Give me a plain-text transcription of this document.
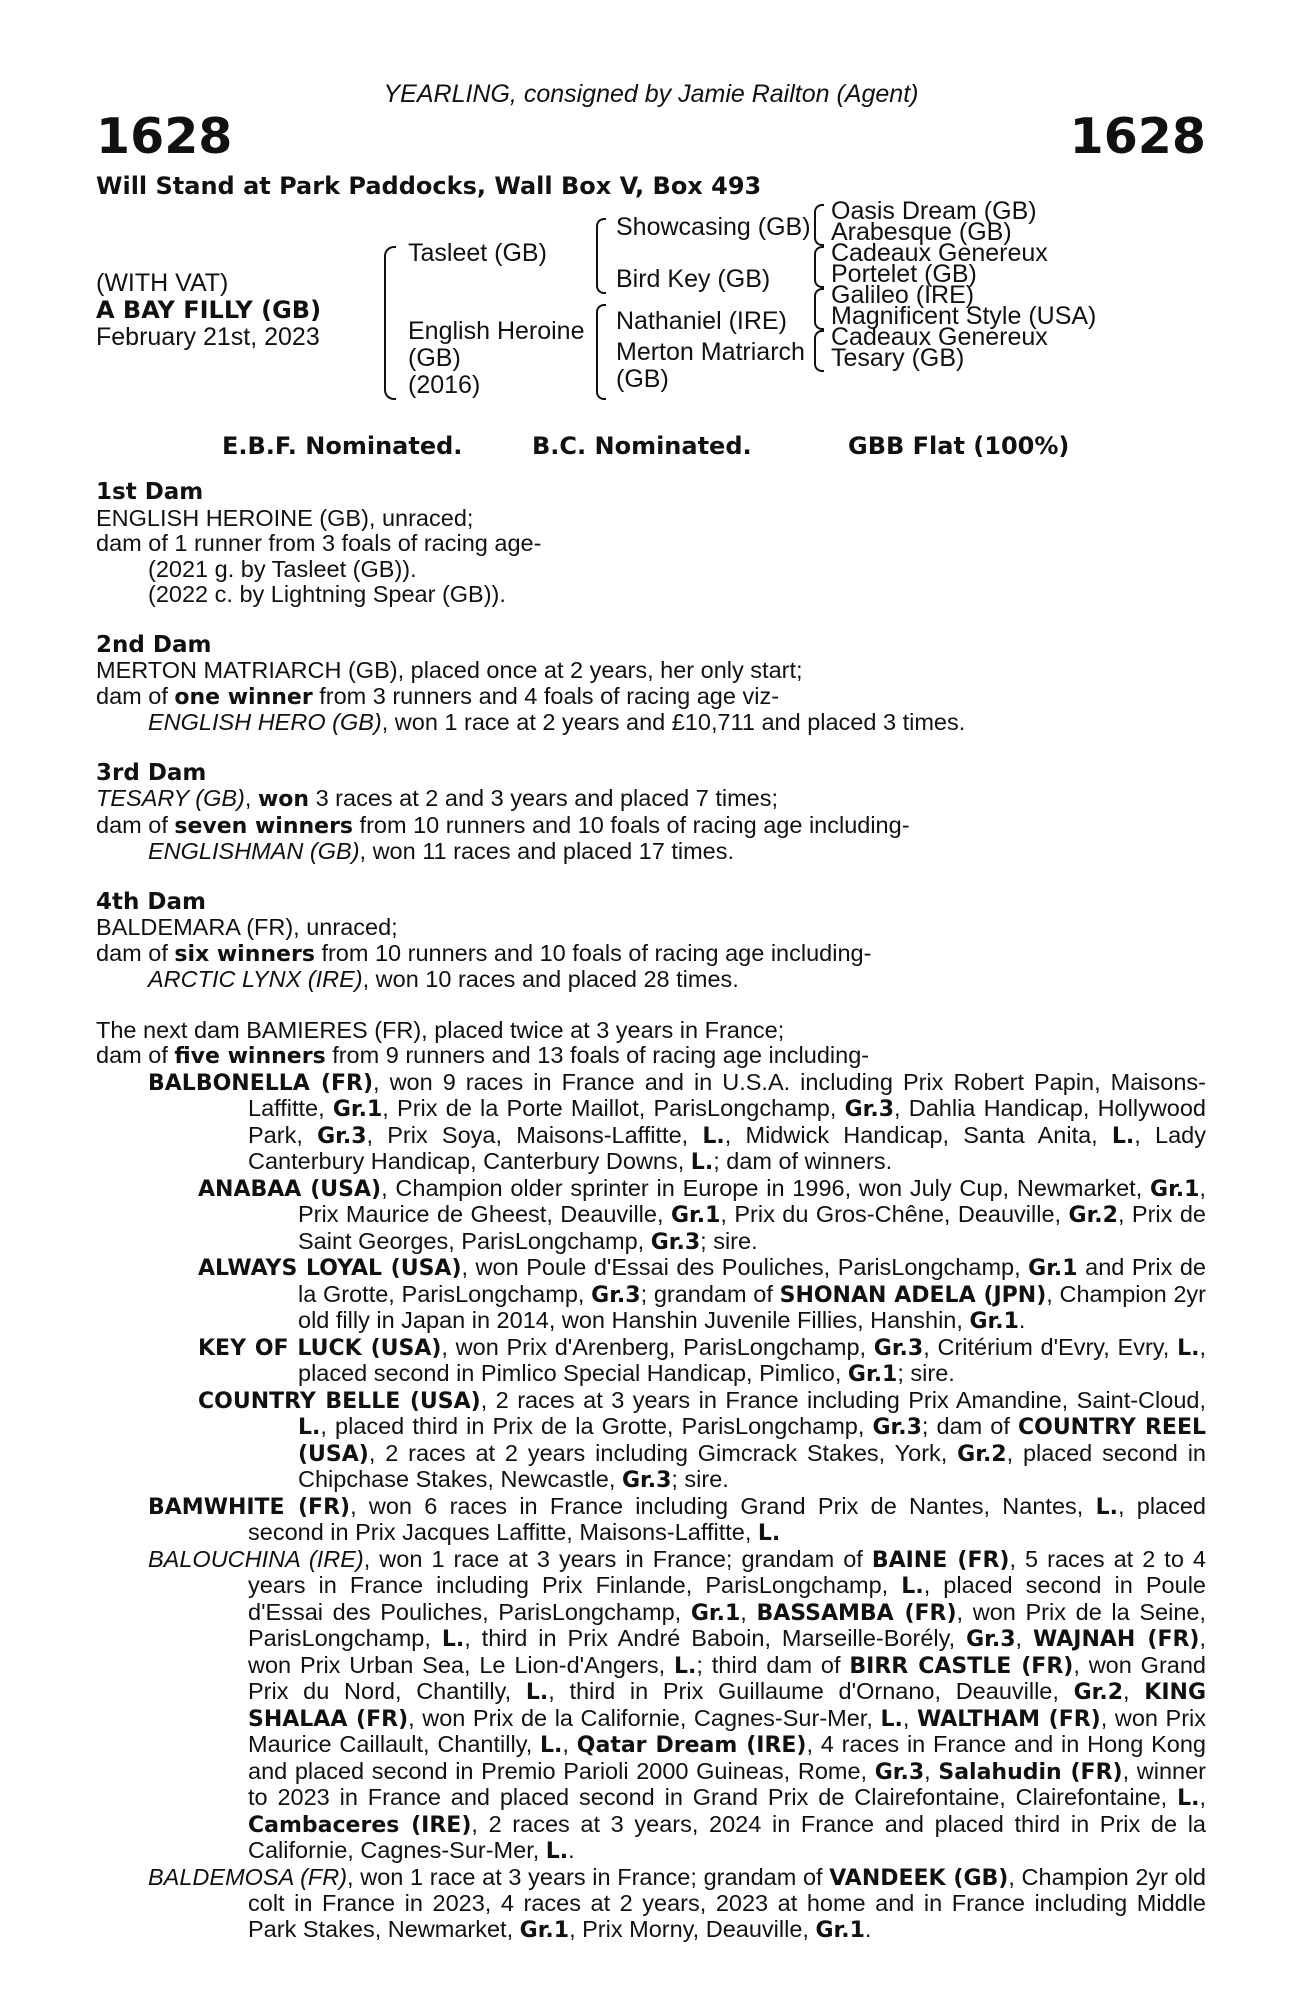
YEARLING, consigned by Jamie Railton (Agent)
1628	1628
Will Stand at Park Paddocks, Wall Box V, Box 493
(WITH VAT)
A BAY FILLY (GB)
February 21st, 2023
Tasleet (GB)
English Heroine
(GB)
(2016)
Showcasing (GB)
Bird Key (GB)
Nathaniel (IRE)
Merton Matriarch
(GB)
Oasis Dream (GB)
Arabesque (GB)
Cadeaux Genereux
Portelet (GB)
Galileo (IRE)
Magnificent Style (USA)
Cadeaux Genereux
Tesary (GB)
E.B.F. Nominated.	B.C. Nominated.	GBB Flat (100%)
1st Dam
ENGLISH HEROINE (GB), unraced;
dam of 1 runner from 3 foals of racing age-
(2021 g. by Tasleet (GB)).
(2022 c. by Lightning Spear (GB)).
2nd Dam
MERTON MATRIARCH (GB), placed once at 2 years, her only start;
dam of one winner from 3 runners and 4 foals of racing age viz-
ENGLISH HERO (GB), won 1 race at 2 years and £10,711 and placed 3 times.
3rd Dam
TESARY (GB), won 3 races at 2 and 3 years and placed 7 times;
dam of seven winners from 10 runners and 10 foals of racing age including-
ENGLISHMAN (GB), won 11 races and placed 17 times.
4th Dam
BALDEMARA (FR), unraced;
dam of six winners from 10 runners and 10 foals of racing age including-
ARCTIC LYNX (IRE), won 10 races and placed 28 times.
The next dam BAMIERES (FR), placed twice at 3 years in France;
dam of five winners from 9 runners and 13 foals of racing age including-
BALBONELLA (FR), won 9 races in France and in U.S.A. including Prix Robert Papin, Maisons-Laffitte, Gr.1, Prix de la Porte Maillot, ParisLongchamp, Gr.3, Dahlia Handicap, Hollywood Park, Gr.3, Prix Soya, Maisons-Laffitte, L., Midwick Handicap, Santa Anita, L., Lady Canterbury Handicap, Canterbury Downs, L.; dam of winners.
ANABAA (USA), Champion older sprinter in Europe in 1996, won July Cup, Newmarket, Gr.1, Prix Maurice de Gheest, Deauville, Gr.1, Prix du Gros-Chêne, Deauville, Gr.2, Prix de Saint Georges, ParisLongchamp, Gr.3; sire.
ALWAYS LOYAL (USA), won Poule d'Essai des Pouliches, ParisLongchamp, Gr.1 and Prix de la Grotte, ParisLongchamp, Gr.3; grandam of SHONAN ADELA (JPN), Champion 2yr old filly in Japan in 2014, won Hanshin Juvenile Fillies, Hanshin, Gr.1.
KEY OF LUCK (USA), won Prix d'Arenberg, ParisLongchamp, Gr.3, Critérium d'Evry, Evry, L., placed second in Pimlico Special Handicap, Pimlico, Gr.1; sire.
COUNTRY BELLE (USA), 2 races at 3 years in France including Prix Amandine, Saint-Cloud, L., placed third in Prix de la Grotte, ParisLongchamp, Gr.3; dam of COUNTRY REEL (USA), 2 races at 2 years including Gimcrack Stakes, York, Gr.2, placed second in Chipchase Stakes, Newcastle, Gr.3; sire.
BAMWHITE (FR), won 6 races in France including Grand Prix de Nantes, Nantes, L., placed second in Prix Jacques Laffitte, Maisons-Laffitte, L.
BALOUCHINA (IRE), won 1 race at 3 years in France; grandam of BAINE (FR), 5 races at 2 to 4 years in France including Prix Finlande, ParisLongchamp, L., placed second in Poule d'Essai des Pouliches, ParisLongchamp, Gr.1, BASSAMBA (FR), won Prix de la Seine, ParisLongchamp, L., third in Prix André Baboin, Marseille-Borély, Gr.3, WAJNAH (FR), won Prix Urban Sea, Le Lion-d'Angers, L.; third dam of BIRR CASTLE (FR), won Grand Prix du Nord, Chantilly, L., third in Prix Guillaume d'Ornano, Deauville, Gr.2, KING SHALAA (FR), won Prix de la Californie, Cagnes-Sur-Mer, L., WALTHAM (FR), won Prix Maurice Caillault, Chantilly, L., Qatar Dream (IRE), 4 races in France and in Hong Kong and placed second in Premio Parioli 2000 Guineas, Rome, Gr.3, Salahudin (FR), winner to 2023 in France and placed second in Grand Prix de Clairefontaine, Clairefontaine, L., Cambaceres (IRE), 2 races at 3 years, 2024 in France and placed third in Prix de la Californie, Cagnes-Sur-Mer, L..
BALDEMOSA (FR), won 1 race at 3 years in France; grandam of VANDEEK (GB), Champion 2yr old colt in France in 2023, 4 races at 2 years, 2023 at home and in France including Middle Park Stakes, Newmarket, Gr.1, Prix Morny, Deauville, Gr.1.
